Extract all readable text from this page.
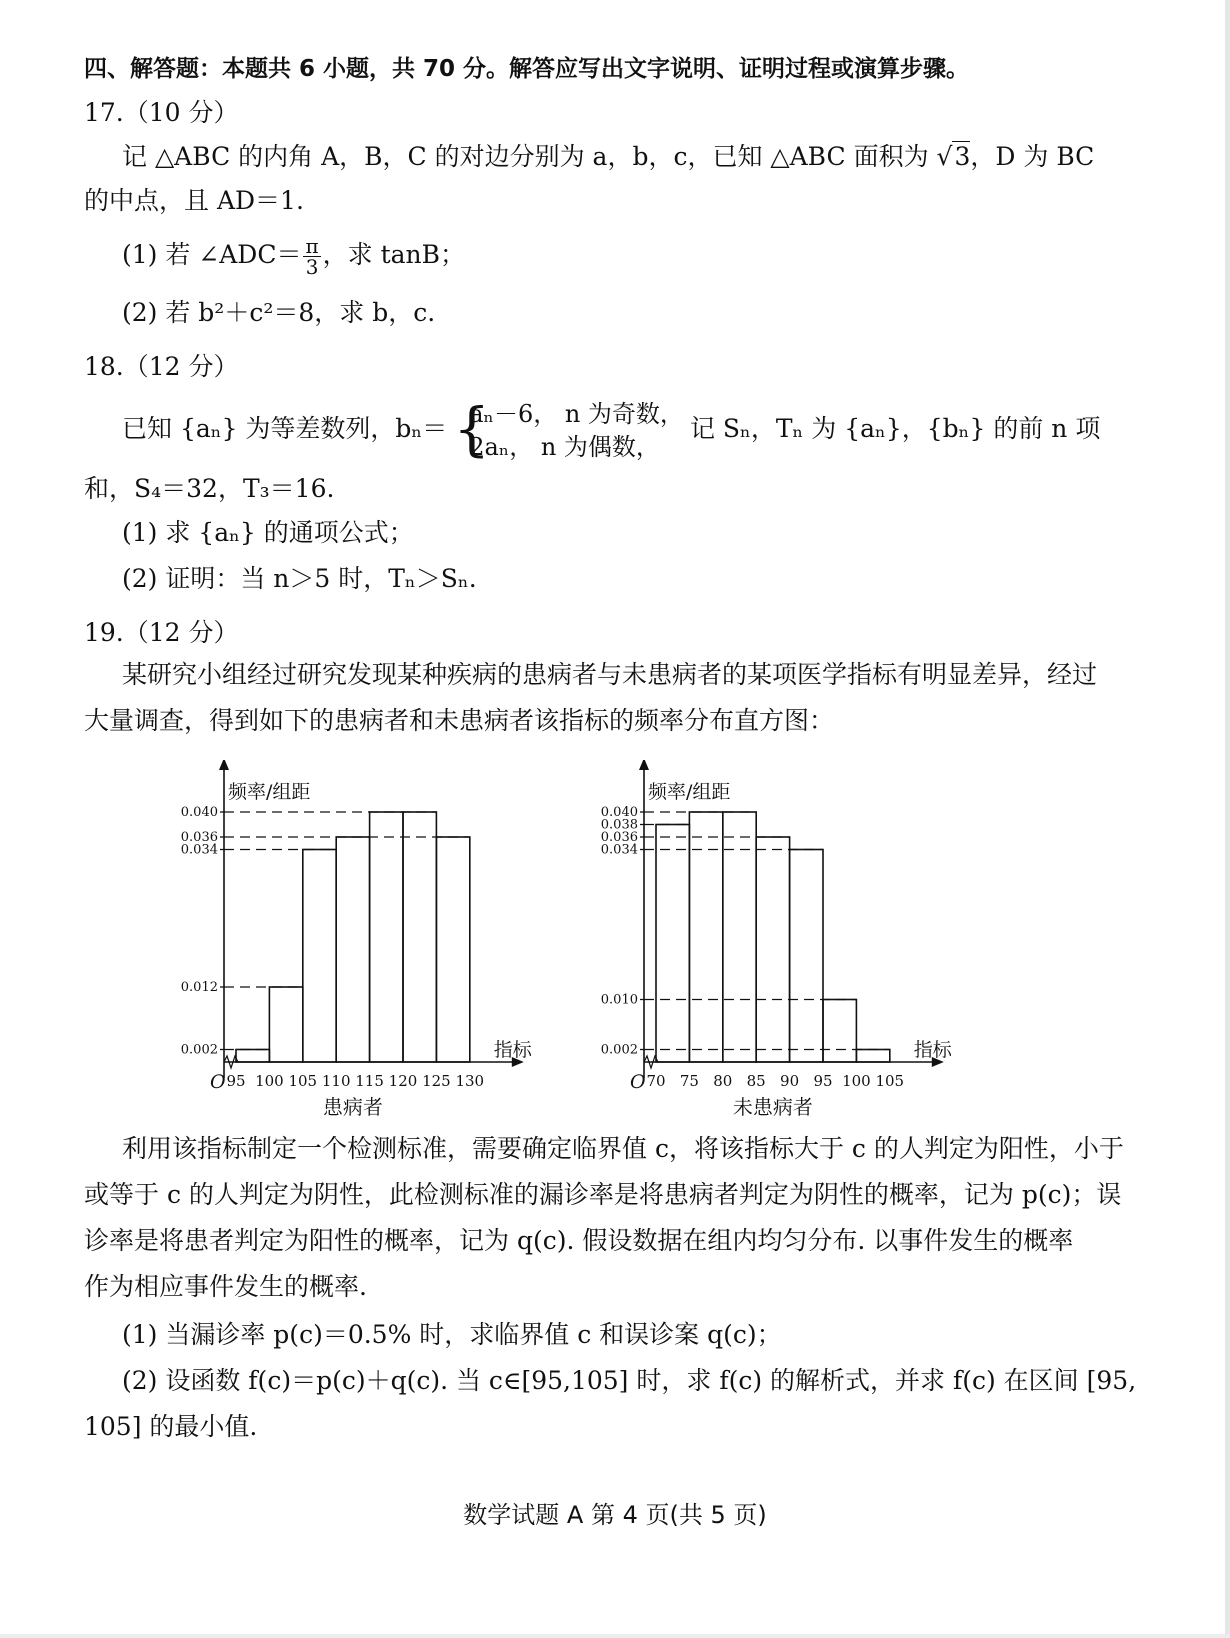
四、解答题：本题共 6 小题，共 70 分。解答应写出文字说明、证明过程或演算步骤。
17.（10 分）
记 △ABC 的内角 A，B，C 的对边分别为 a，b，c，已知 △ABC 面积为 √3，D 为 BC
的中点，且 AD＝1.
(1) 若 ∠ADC＝ $\frac{\pi}{3}$ ，求 tanB；
(2) 若 b²＋c²＝8，求 b，c.
18.（12 分）
已知 {aₙ} 为等差数列，bₙ＝ {
aₙ－6， n 为奇数，
2aₙ， n 为偶数，
记 Sₙ，Tₙ 为 {aₙ}，{bₙ} 的前 n 项
和，S₄＝32，T₃＝16.
(1) 求 {aₙ} 的通项公式；
(2) 证明：当 n＞5 时，Tₙ＞Sₙ.
19.（12 分）
某研究小组经过研究发现某种疾病的患病者与未患病者的某项医学指标有明显差异，经过
大量调查，得到如下的患病者和未患病者该指标的频率分布直方图：
频率/组距
指标
O
0.002
0.012
0.034
0.036
0.040
95 100 105 110 115 120 125 130
患病者
频率/组距
指标
O
0.002
0.010
0.034
0.036
0.038
0.040
70 75 80 85 90 95 100 105
未患病者
利用该指标制定一个检测标准，需要确定临界值 c，将该指标大于 c 的人判定为阳性，小于
或等于 c 的人判定为阴性，此检测标准的漏诊率是将患病者判定为阴性的概率，记为 p(c)；误
诊率是将患者判定为阳性的概率，记为 q(c). 假设数据在组内均匀分布. 以事件发生的概率
作为相应事件发生的概率.
(1) 当漏诊率 p(c)＝0.5% 时，求临界值 c 和误诊案 q(c)；
(2) 设函数 f(c)＝p(c)＋q(c). 当 c∈[95,105] 时，求 f(c) 的解析式，并求 f(c) 在区间 [95,
105] 的最小值.
数学试题 A 第 4 页(共 5 页)
